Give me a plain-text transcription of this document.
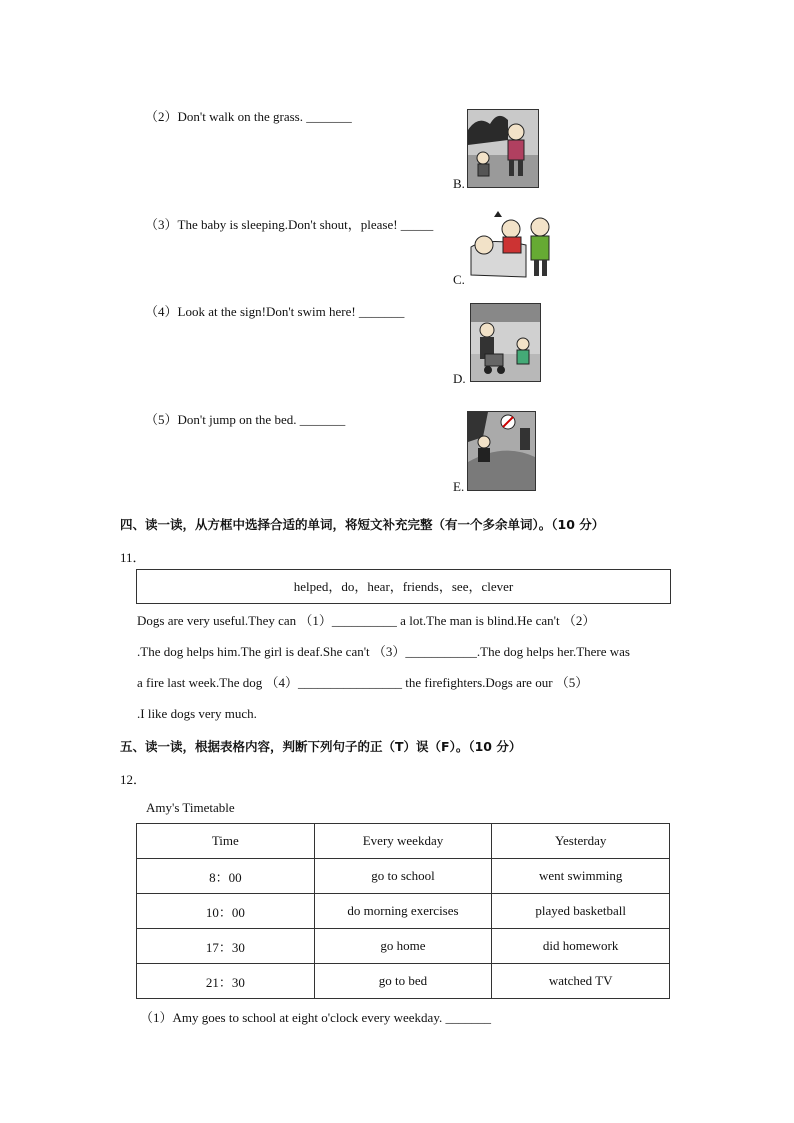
（2）Don't walk on the grass. _______
B.
（3）The baby is sleeping.Don't shout，please! _____
C.
（4）Look at the sign!Don't swim here! _______
D.
（5）Don't jump on the bed. _______
E.
四、读一读，从方框中选择合适的单词，将短文补充完整（有一个多余单词）。（10 分）
11．
helped，do，hear，friends，see，clever
Dogs are very useful.They can （1）__________ a lot.The man is blind.He can't （2）
.The dog helps him.The girl is deaf.She can't （3）___________.The dog helps her.There was
a fire last week.The dog （4）________________ the firefighters.Dogs are our （5）
.I like dogs very much.
五、读一读，根据表格内容，判断下列句子的正（T）误（F）。（10 分）
12．
Amy's Timetable
Time	Every weekday	Yesterday
8：00	go to school	went swimming
10：00	do morning exercises	played basketball
17：30	go home	did homework
21：30	go to bed	watched TV
（1）Amy goes to school at eight o'clock every weekday. _______
